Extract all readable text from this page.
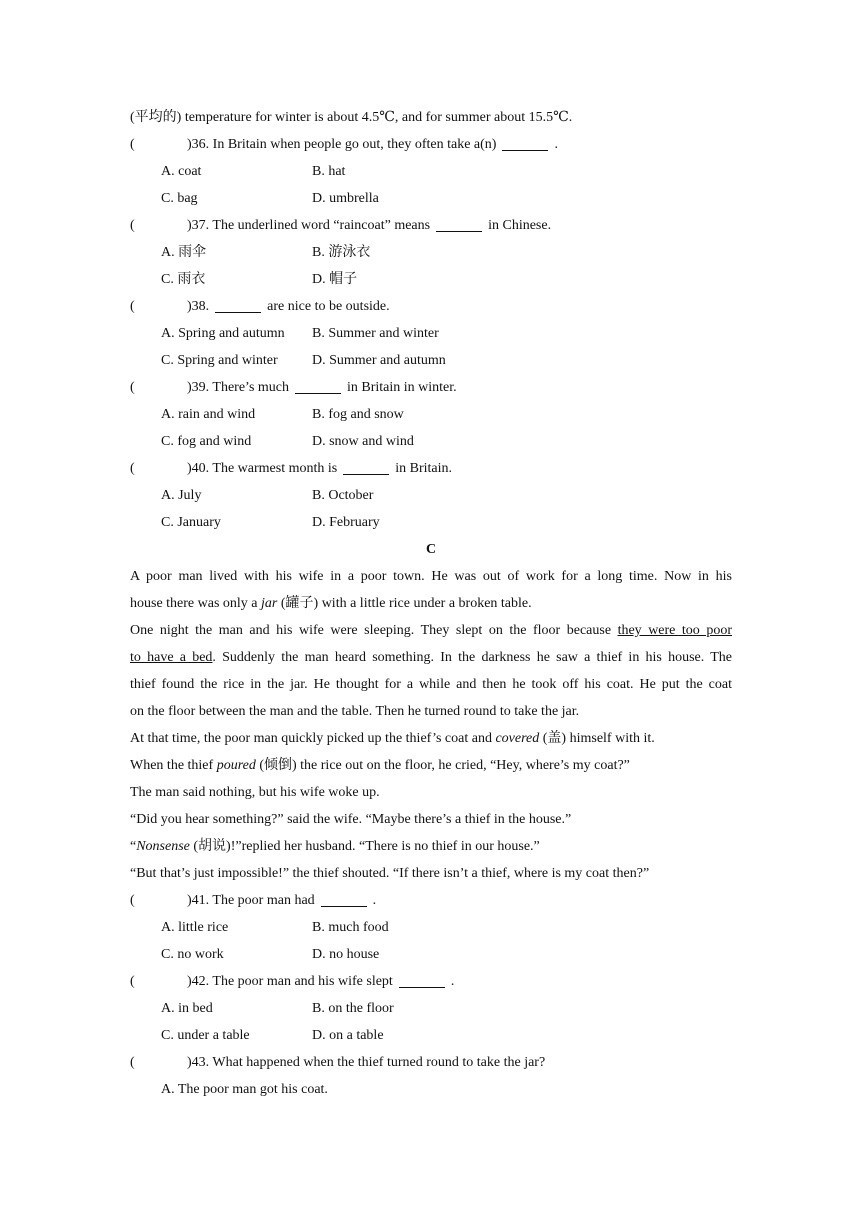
(平均的) temperature for winter is about 4.5℃, and for summer about 15.5℃.
(	)36. In Britain when people go out, they often take a(n)	.
A. coat	B. hat
C. bag	D. umbrella
(	)37. The underlined word “raincoat” means	in Chinese.
A. 雨伞	B. 游泳衣
C. 雨衣	D. 帽子
(	)38.	are nice to be outside.
A. Spring and autumn B. Summer and winter
C. Spring and winter D. Summer and autumn
(	)39. There’s much	in Britain in winter.
A. rain and wind	B. fog and snow
C. fog and wind	D. snow and wind
(	)40. The warmest month is	in Britain.
A. July	B. October
C. January	D. February
C
A poor man lived with his wife in a poor town. He was out of work for a long time. Now in his
house there was only a jar (罐子) with a little rice under a broken table.
One night the man and his wife were sleeping. They slept on the floor because they were too poor
to have a bed. Suddenly the man heard something. In the darkness he saw a thief in his house. The
thief found the rice in the jar. He thought for a while and then he took off his coat. He put the coat
on the floor between the man and the table. Then he turned round to take the jar.
At that time, the poor man quickly picked up the thief’s coat and covered (盖) himself with it.
When the thief poured (倾倒) the rice out on the floor, he cried, “Hey, where’s my coat?”
The man said nothing, but his wife woke up.
“Did you hear something?” said the wife. “Maybe there’s a thief in the house.”
“Nonsense (胡说)!”replied her husband. “There is no thief in our house.”
“But that’s just impossible!” the thief shouted. “If there isn’t a thief, where is my coat then?”
(	)41. The poor man had	.
A. little rice	B. much food
C. no work	D. no house
(	)42. The poor man and his wife slept	.
A. in bed	B. on the floor
C. under a table	D. on a table
(	)43. What happened when the thief turned round to take the jar?
A. The poor man got his coat.
